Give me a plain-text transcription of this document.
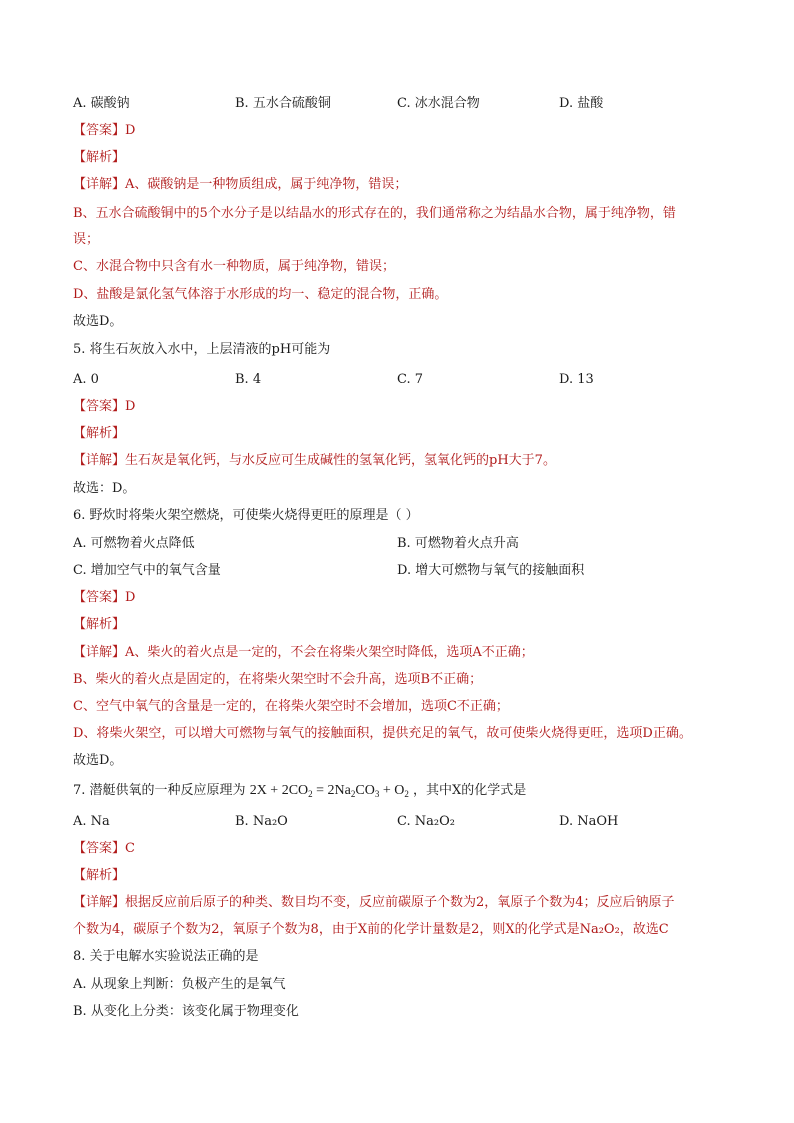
A. 碳酸钠	B. 五水合硫酸铜	C. 冰水混合物	D. 盐酸
【答案】D
【解析】
【详解】A、碳酸钠是一种物质组成，属于纯净物，错误；
B、五水合硫酸铜中的5个水分子是以结晶水的形式存在的，我们通常称之为结晶水合物，属于纯净物，错
误；
C、水混合物中只含有水一种物质，属于纯净物，错误；
D、盐酸是氯化氢气体溶于水形成的均一、稳定的混合物，正确。
故选D。
5. 将生石灰放入水中，上层清液的pH可能为
A. 0	B. 4	C. 7	D. 13
【答案】D
【解析】
【详解】生石灰是氧化钙，与水反应可生成碱性的氢氧化钙，氢氧化钙的pH大于7。
故选：D。
6. 野炊时将柴火架空燃烧，可使柴火烧得更旺的原理是（ ）
A. 可燃物着火点降低	B. 可燃物着火点升高
C. 增加空气中的氧气含量	D. 增大可燃物与氧气的接触面积
【答案】D
【解析】
【详解】A、柴火的着火点是一定的，不会在将柴火架空时降低，选项A不正确；
B、柴火的着火点是固定的，在将柴火架空时不会升高，选项B不正确；
C、空气中氧气的含量是一定的，在将柴火架空时不会增加，选项C不正确；
D、将柴火架空，可以增大可燃物与氧气的接触面积，提供充足的氧气，故可使柴火烧得更旺，选项D正确。
故选D。
7. 潜艇供氧的一种反应原理为 $2X + 2CO_2 = 2Na_2CO_3 + O_2$ ，其中X的化学式是
A. Na	B. Na₂O	C. Na₂O₂	D. NaOH
【答案】C
【解析】
【详解】根据反应前后原子的种类、数目均不变，反应前碳原子个数为2，氧原子个数为4；反应后钠原子
个数为4，碳原子个数为2，氧原子个数为8，由于X前的化学计量数是2，则X的化学式是Na₂O₂，故选C
8. 关于电解水实验说法正确的是
A. 从现象上判断：负极产生的是氧气
B. 从变化上分类：该变化属于物理变化
